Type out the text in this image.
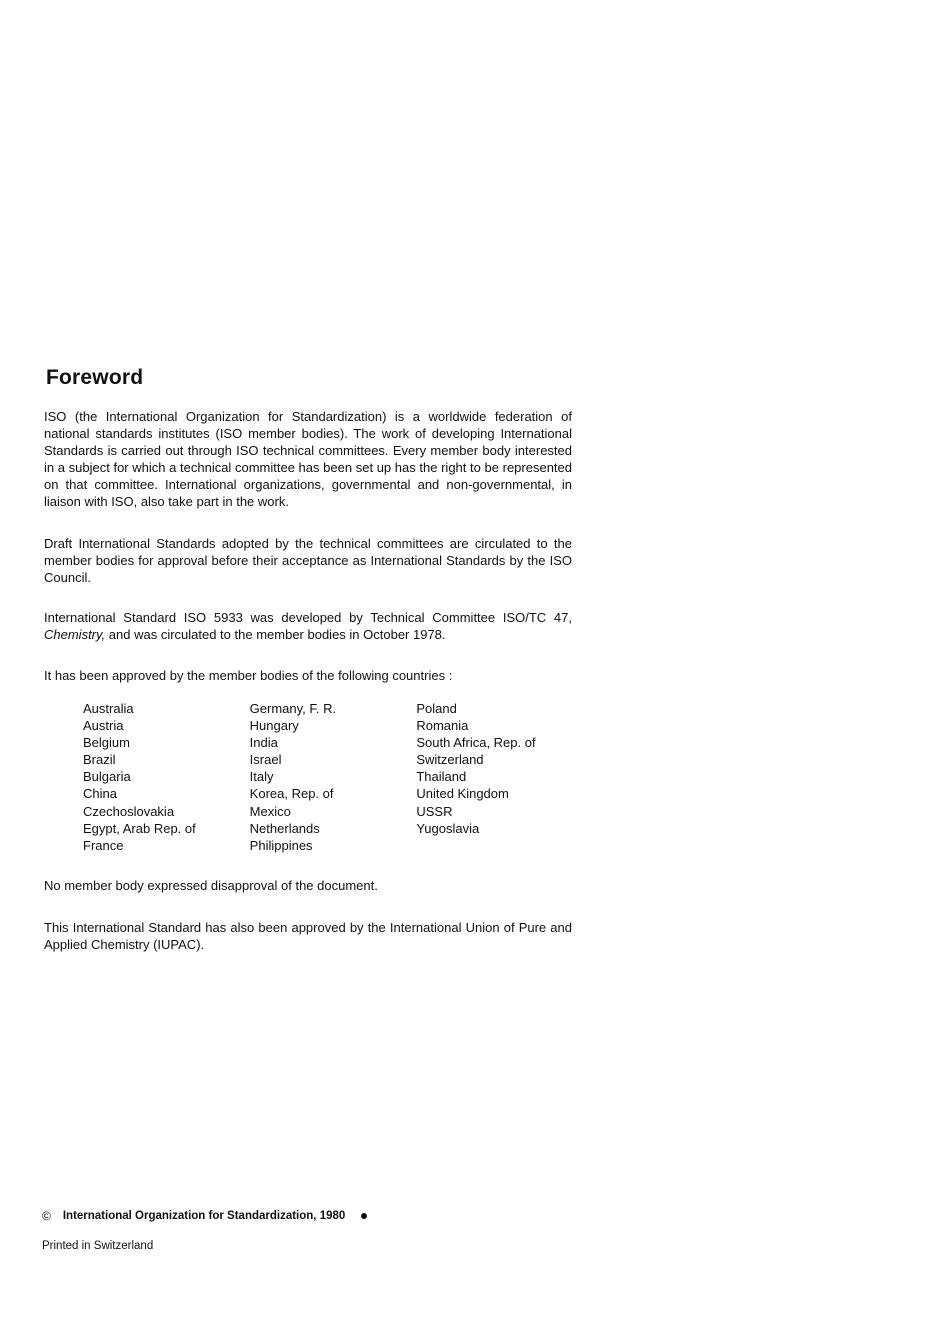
Foreword

ISO (the International Organization for Standardization) is a worldwide federation of national standards institutes (ISO member bodies). The work of developing International Standards is carried out through ISO technical committees. Every member body interested in a subject for which a technical committee has been set up has the right to be represented on that committee. International organizations, governmental and non-governmental, in liaison with ISO, also take part in the work.

Draft International Standards adopted by the technical committees are circulated to the member bodies for approval before their acceptance as International Standards by the ISO Council.

International Standard ISO 5933 was developed by Technical Committee ISO/TC 47, Chemistry, and was circulated to the member bodies in October 1978.

It has been approved by the member bodies of the following countries :

Australia
Austria
Belgium
Brazil
Bulgaria
China
Czechoslovakia
Egypt, Arab Rep. of
France
Germany, F. R.
Hungary
India
Israel
Italy
Korea, Rep. of
Mexico
Netherlands
Philippines
Poland
Romania
South Africa, Rep. of
Switzerland
Thailand
United Kingdom
USSR
Yugoslavia

No member body expressed disapproval of the document.

This International Standard has also been approved by the International Union of Pure and Applied Chemistry (IUPAC).

© International Organization for Standardization, 1980
Printed in Switzerland
